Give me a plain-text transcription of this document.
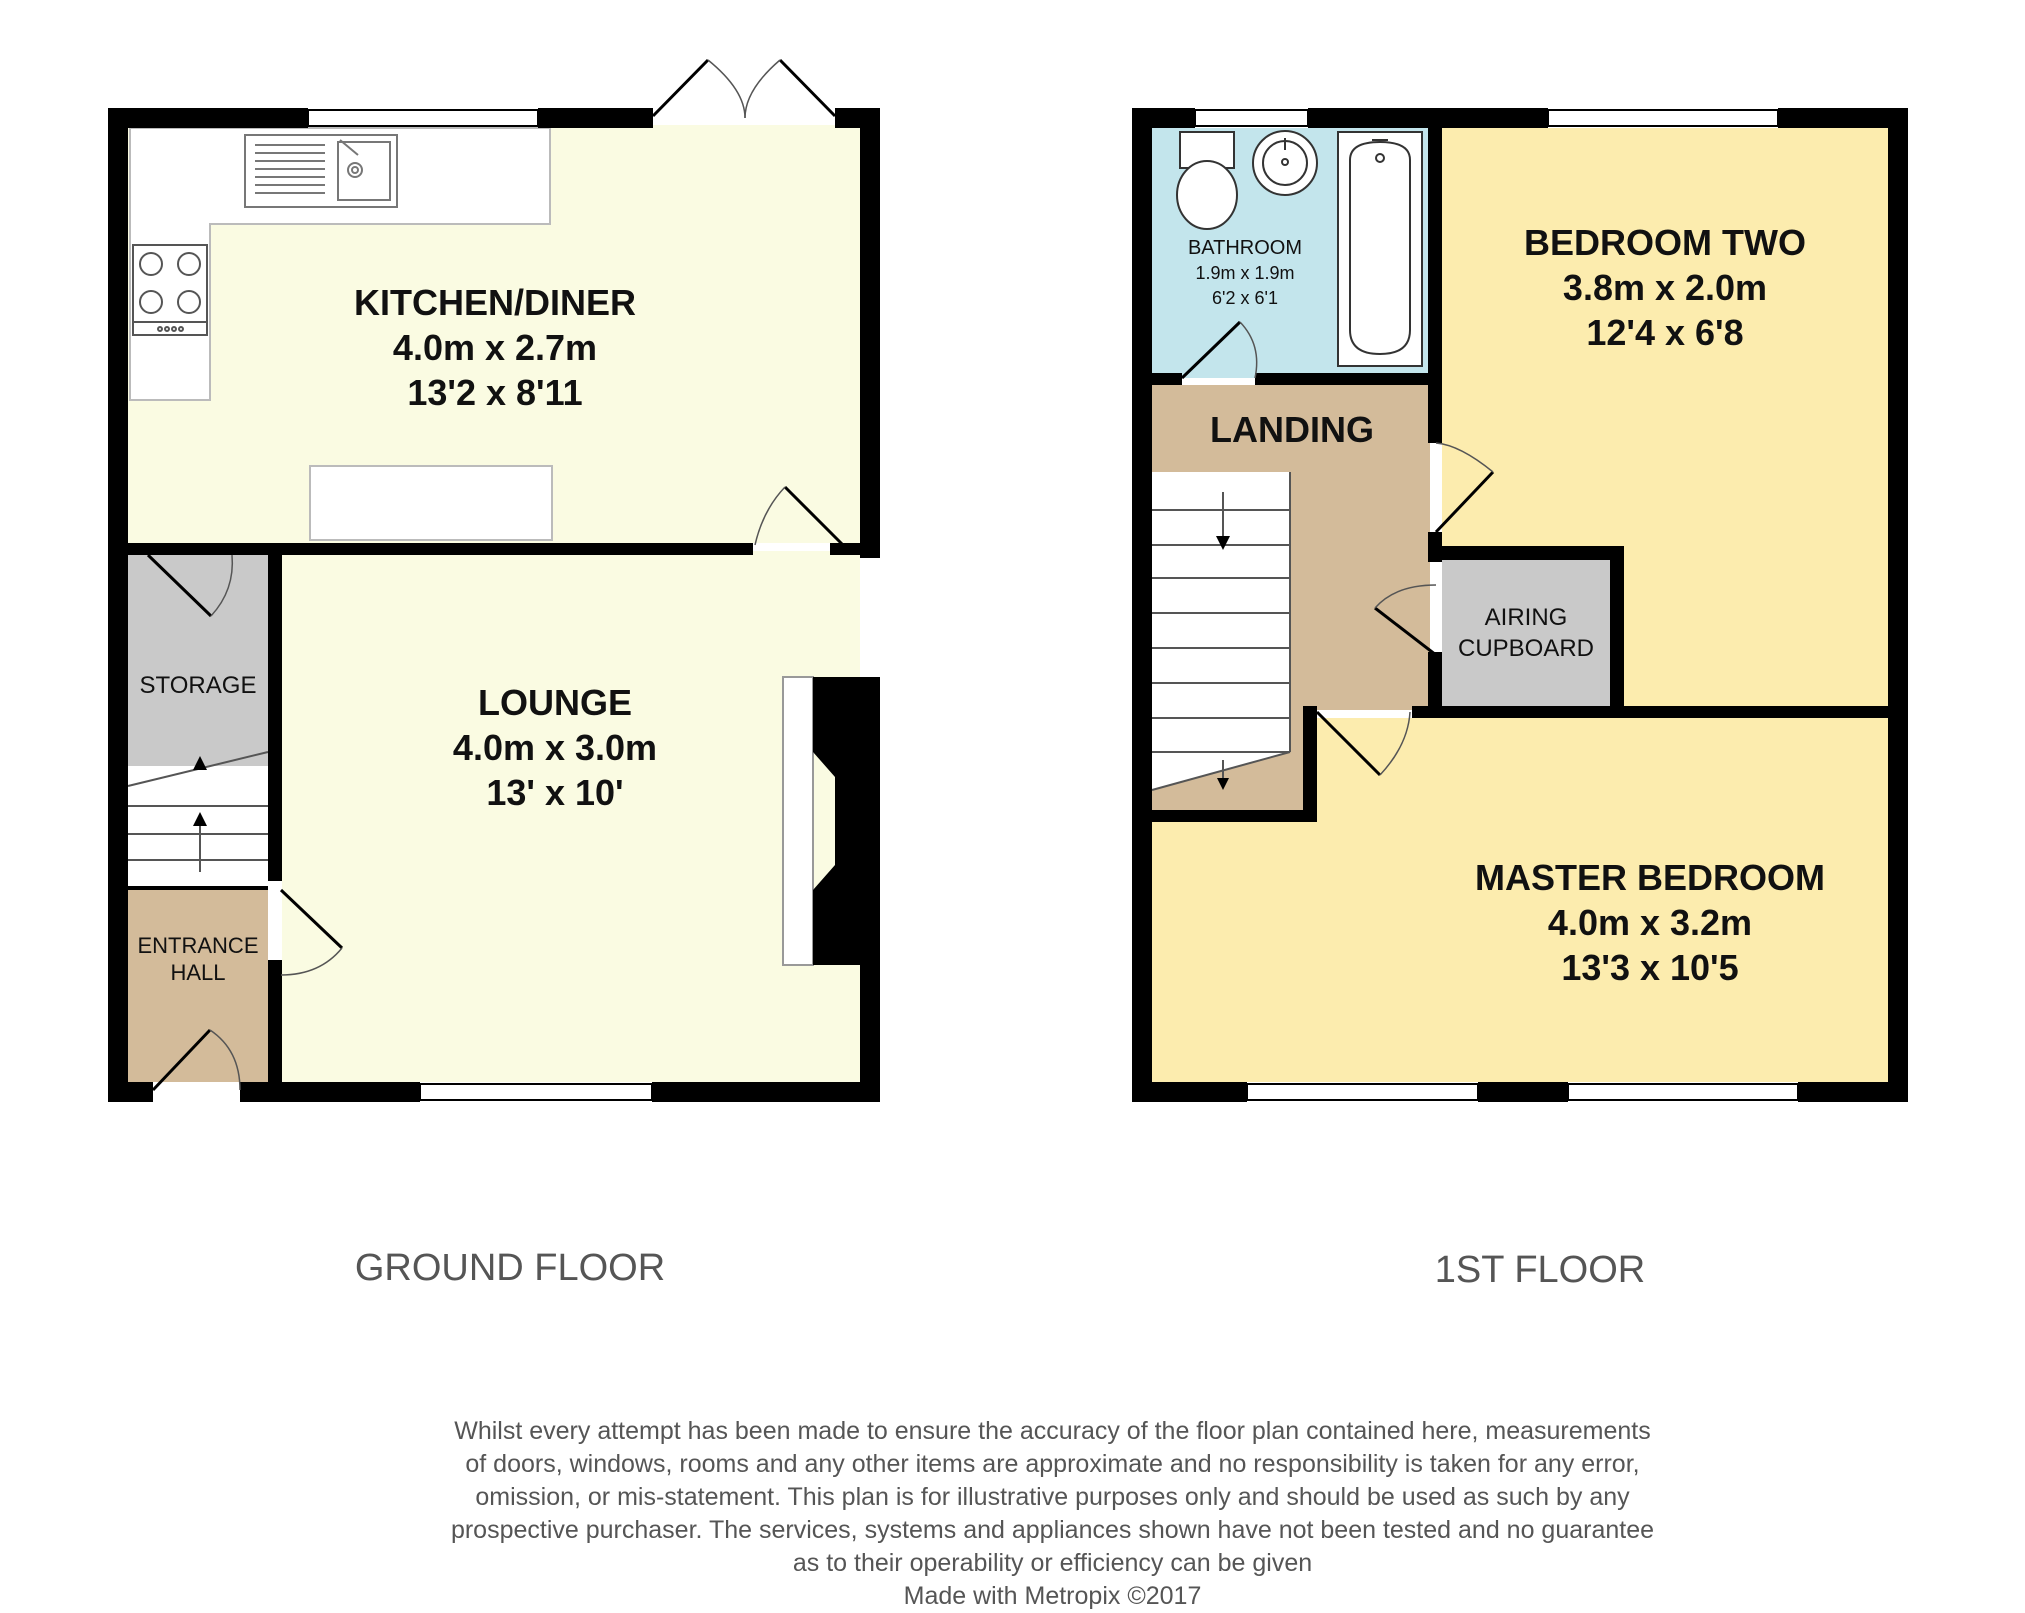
KITCHEN/DINER
4.0m x 2.7m
13'2 x 8'11
LOUNGE
4.0m x 3.0m
13' x 10'
STORAGE
ENTRANCE
HALL
GROUND FLOOR
BATHROOM
1.9m x 1.9m
6'2 x 6'1
BEDROOM TWO
3.8m x 2.0m
12'4 x 6'8
LANDING
AIRING
CUPBOARD
MASTER BEDROOM
4.0m x 3.2m
13'3 x 10'5
1ST FLOOR
Whilst every attempt has been made to ensure the accuracy of the floor plan contained here, measurements
of doors, windows, rooms and any other items are approximate and no responsibility is taken for any error,
omission, or mis-statement. This plan is for illustrative purposes only and should be used as such by any
prospective purchaser. The services, systems and appliances shown have not been tested and no guarantee
as to their operability or efficiency can be given
Made with Metropix ©2017
